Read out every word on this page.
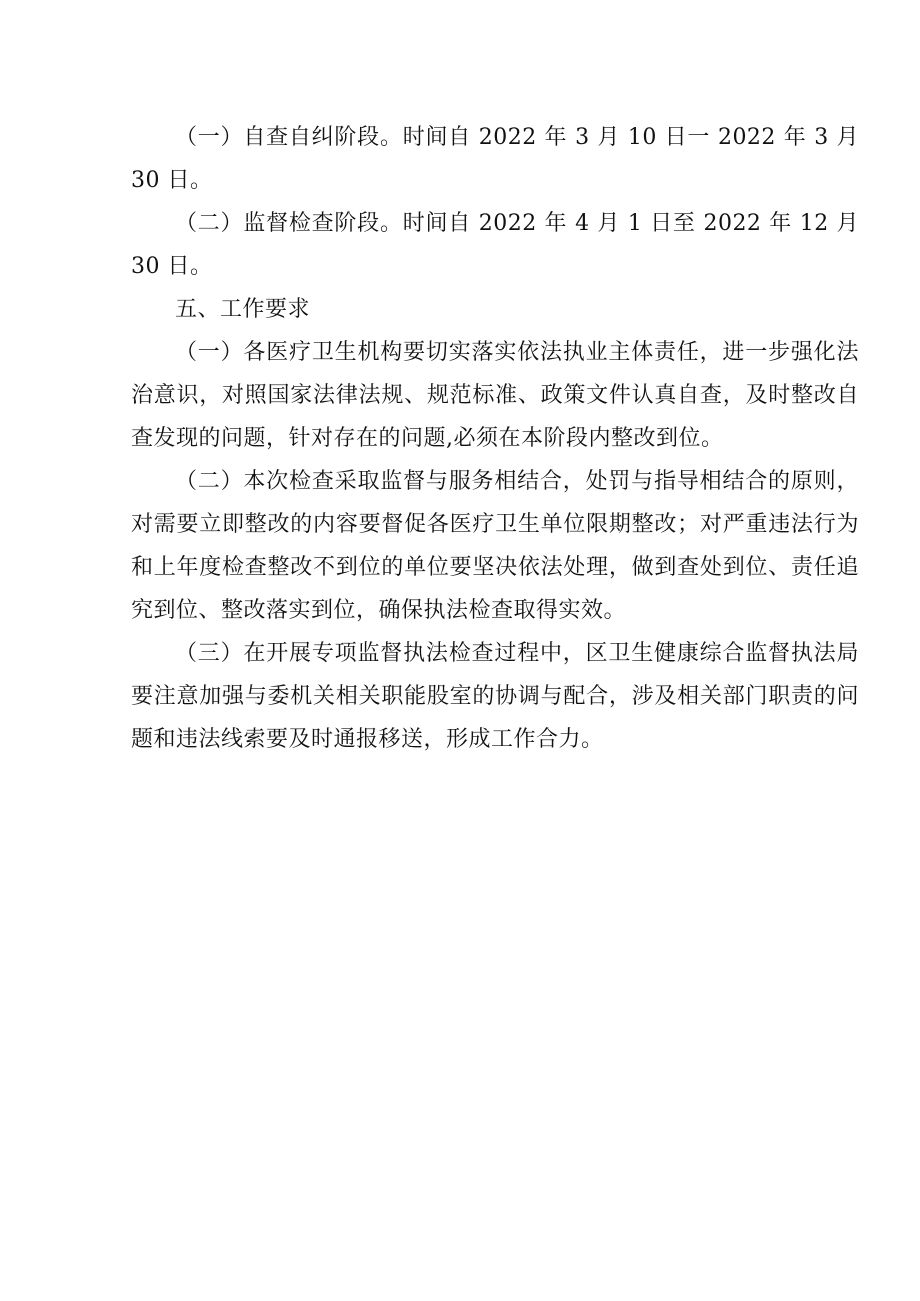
（一）自查自纠阶段。时间自 2022 年 3 月 10 日一 2022 年 3 月 30 日。

（二）监督检查阶段。时间自 2022 年 4 月 1 日至 2022 年 12 月 30 日。

五、工作要求

（一）各医疗卫生机构要切实落实依法执业主体责任，进一步强化法治意识，对照国家法律法规、规范标准、政策文件认真自查，及时整改自查发现的问题，针对存在的问题,必须在本阶段内整改到位。

（二）本次检查采取监督与服务相结合，处罚与指导相结合的原则，对需要立即整改的内容要督促各医疗卫生单位限期整改；对严重违法行为和上年度检查整改不到位的单位要坚决依法处理，做到查处到位、责任追究到位、整改落实到位，确保执法检查取得实效。

（三）在开展专项监督执法检查过程中，区卫生健康综合监督执法局要注意加强与委机关相关职能股室的协调与配合，涉及相关部门职责的问题和违法线索要及时通报移送，形成工作合力。
